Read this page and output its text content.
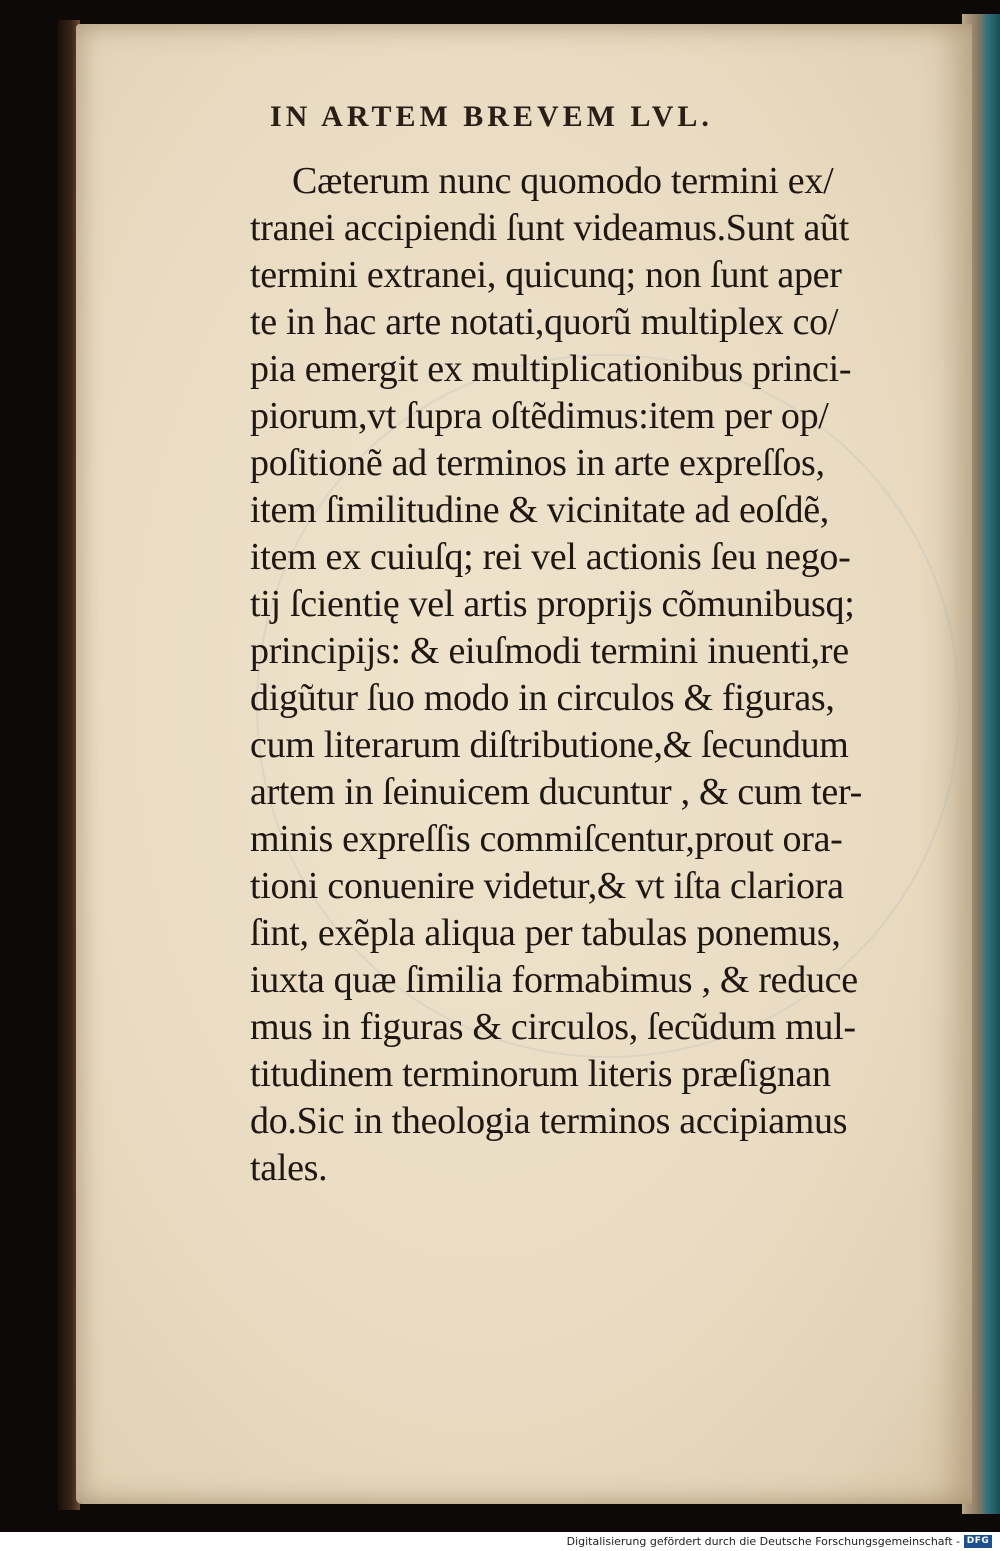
IN ARTEM BREVEM LVL.
Cæterum nunc quomodo termini ex/
tranei accipiendi ſunt videamus.Sunt aũt
termini extranei, quicunq; non ſunt aper
te in hac arte notati,quorũ multiplex co/
pia emergit ex multiplicationibus princi-
piorum,vt ſupra oſtẽdimus:item per op/
poſitionẽ ad terminos in arte expreſſos,
item ſimilitudine & vicinitate ad eoſdẽ,
item ex cuiuſq; rei vel actionis ſeu nego-
tij ſcientię vel artis proprijs cõmunibusq;
principijs: & eiuſmodi termini inuenti,re
digũtur ſuo modo in circulos & figuras,
cum literarum diſtributione,& ſecundum
artem in ſeinuicem ducuntur , & cum ter-
minis expreſſis commiſcentur,prout ora-
tioni conuenire videtur,& vt iſta clariora
ſint, exẽpla aliqua per tabulas ponemus,
iuxta quæ ſimilia formabimus , & reduce
mus in figuras & circulos, ſecũdum mul-
titudinem terminorum literis præſignan
do.Sic in theologia terminos accipiamus
tales.
Digitalisierung gefördert durch die Deutsche Forschungsgemeinschaft - DFG
